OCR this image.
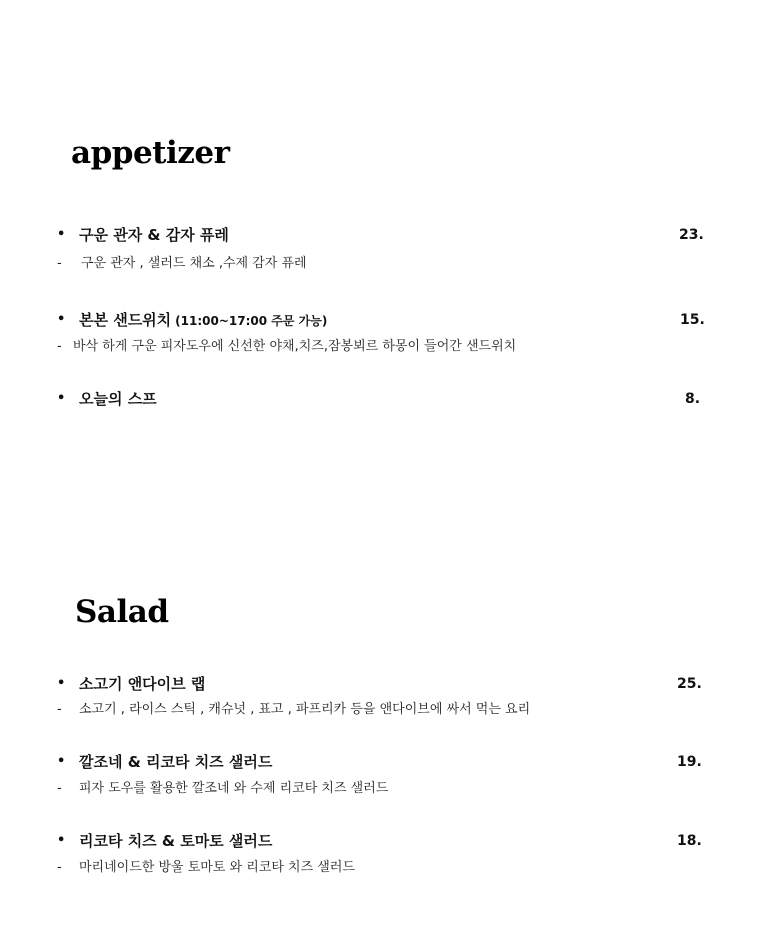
appetizer
• 구운 관자 & 감자 퓨레	23.
- 구운 관자 , 샐러드 채소 ,수제 감자 퓨레
• 본본 샌드위치 (11:00~17:00 주문 가능)	15.
- 바삭 하게 구운 피자도우에 신선한 야채,치즈,잠봉뵈르 하몽이 들어간 샌드위치
• 오늘의 스프	8.
Salad
• 소고기 앤다이브 랩	25.
- 소고기 , 라이스 스틱 , 캐슈넛 , 표고 , 파프리카 등을 앤다이브에 싸서 먹는 요리
• 깔조네 & 리코타 치즈 샐러드	19.
- 피자 도우를 활용한 깔조네 와 수제 리코타 치즈 샐러드
• 리코타 치즈 & 토마토 샐러드	18.
- 마리네이드한 방울 토마토 와 리코타 치즈 샐러드
